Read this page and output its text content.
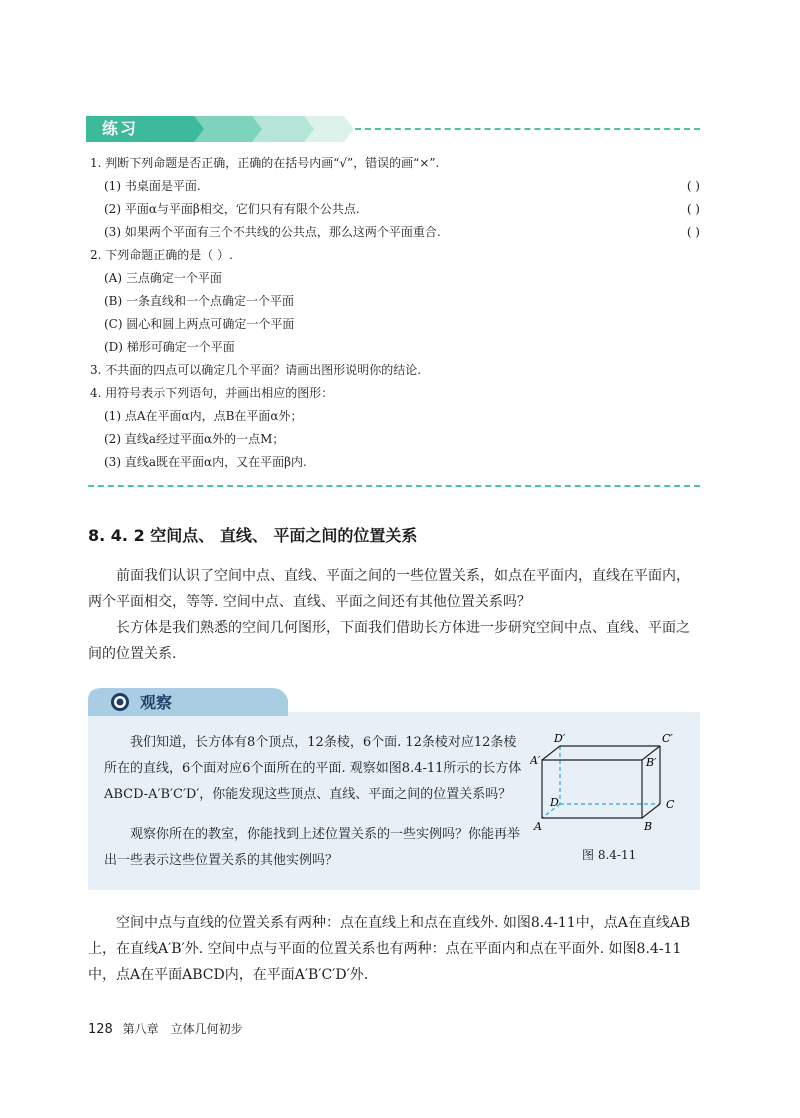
练习
1. 判断下列命题是否正确，正确的在括号内画“√”，错误的画“×”.
(1) 书桌面是平面.	( )
(2) 平面α与平面β相交，它们只有有限个公共点.	( )
(3) 如果两个平面有三个不共线的公共点，那么这两个平面重合.	( )
2. 下列命题正确的是（ ）.
(A) 三点确定一个平面
(B) 一条直线和一个点确定一个平面
(C) 圆心和圆上两点可确定一个平面
(D) 梯形可确定一个平面
3. 不共面的四点可以确定几个平面？请画出图形说明你的结论.
4. 用符号表示下列语句，并画出相应的图形：
(1) 点A在平面α内，点B在平面α外；
(2) 直线a经过平面α外的一点M；
(3) 直线a既在平面α内，又在平面β内.
8. 4. 2 空间点、 直线、 平面之间的位置关系
前面我们认识了空间中点、直线、平面之间的一些位置关系，如点在平面内，直线在平面内，两个平面相交，等等. 空间中点、直线、平面之间还有其他位置关系吗？
长方体是我们熟悉的空间几何图形，下面我们借助长方体进一步研究空间中点、直线、平面之间的位置关系.
观察
我们知道，长方体有8个顶点，12条棱，6个面. 12条棱对应12条棱所在的直线，6个面对应6个面所在的平面. 观察如图8.4-11所示的长方体ABCD-A′B′C′D′，你能发现这些顶点、直线、平面之间的位置关系吗？
观察你所在的教室，你能找到上述位置关系的一些实例吗？你能再举出一些表示这些位置关系的其他实例吗？
D′	C′
A′	B′
D	C
A	B
图 8.4-11
空间中点与直线的位置关系有两种：点在直线上和点在直线外. 如图8.4-11中，点A在直线AB上，在直线A′B′外. 空间中点与平面的位置关系也有两种：点在平面内和点在平面外. 如图8.4-11中，点A在平面ABCD内，在平面A′B′C′D′外.
128 第八章　立体几何初步
